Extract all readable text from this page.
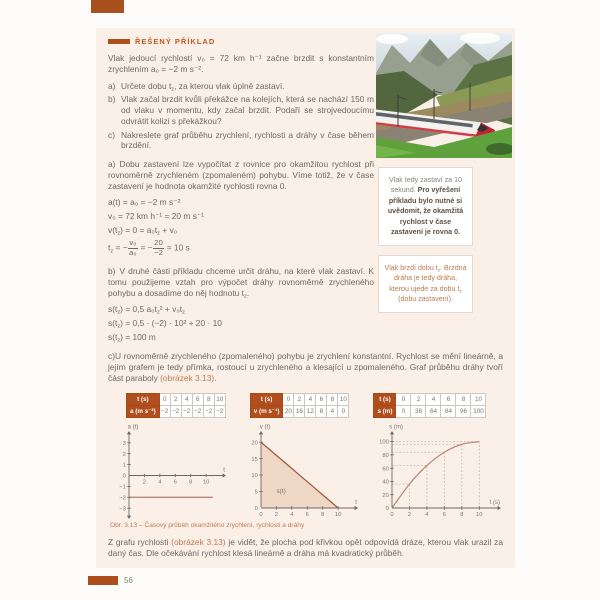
ŘEŠENÝ PŘÍKLAD

Vlak jedoucí rychlostí v₀ = 72 km h⁻¹ začne brzdit s konstantním zrychlením a₀ = −2 m s⁻².

a) Určete dobu $t_z$, za kterou vlak úplně zastaví.
b) Vlak začal brzdit kvůli překážce na kolejích, která se nachází 150 m od vlaku v momentu, kdy začal brzdit. Podaří se strojvedoucímu odvrátit kolizi s překážkou?
c) Nakreslete graf průběhu zrychlení, rychlosti a dráhy v čase během brzdění.

a) Dobu zastavení lze vypočítat z rovnice pro okamžitou rychlost při rovnoměrně zrychleném (zpomaleném) pohybu. Víme totiž, že v čase zastavení je hodnota okamžité rychlosti rovna 0.

a(t) = a₀ = −2 m s⁻²
v₀ = 72 km h⁻¹ = 20 m s⁻¹
$v(t_z) = 0 = a_0t_z + v_0$
$t_z$ = − $\frac{\text{v₀}}{\text{a₀}}$ = − $\frac{20}{-2} = 10$ s

b) V druhé části příkladu chceme určit dráhu, na které vlak zastaví. K tomu použijeme vztah pro výpočet dráhy rovnoměrně zrychleného pohybu a dosadíme do něj hodnotu $t_z$.

$s(t_z) = 0,5$ $a_0t_z^2 + v_0t_z$
$s(t_z) = 0,5 \cdot (-2) \cdot 10^2 + 20 \cdot 10$
$s(t_z) = 100$ m
Vlak tedy zastaví za 10 sekund. Pro vyřešení příkladu bylo nutné si uvědomit, že okamžitá rychlost v čase zastavení je rovna 0.
Vlak brzdí dobu $t_z$. Brzdná dráha je tedy dráha, kterou ujede za dobu $t_z$ (dobu zastavení).

c)U rovnoměrně zrychleného (zpomaleného) pohybu je zrychlení konstantní. Rychlost se mění lineárně, a jejím grafem je tedy přímka, rostoucí u zrychleného a klesající u zpomaleného. Graf průběhu dráhy tvoří část paraboly (obrázek 3.13).

t (s)	0	2	4	6	8	10
a (m s⁻²)	−2	−2	−2	−2	−2	−2
t (s)	0	2	4	6	8	10
v (m s⁻¹)	20	16	12	8	4	0
t (s)	0	2	4	6	8	10
s (m)	0	36	64	84	96	100
a (t)
t
2 4 6 8 10
3
2
1
0
−1
−2
−3
s(t)
v (t)
t
0 2 4 6 8 10
0
5
10
15
20
s (m)
t (s)
0 2 4 6 8 10
0
20
40
60
80
100

Obr. 3.13 – Časový průběh okamžitého zrychlení, rychlosti a dráhy

Z grafu rychlosti (obrázek 3.13) je vidět, že plocha pod křivkou opět odpovídá dráze, kterou vlak urazil za daný čas. Dle očekávání rychlost klesá lineárně a dráha má kvadratický průběh.

56
